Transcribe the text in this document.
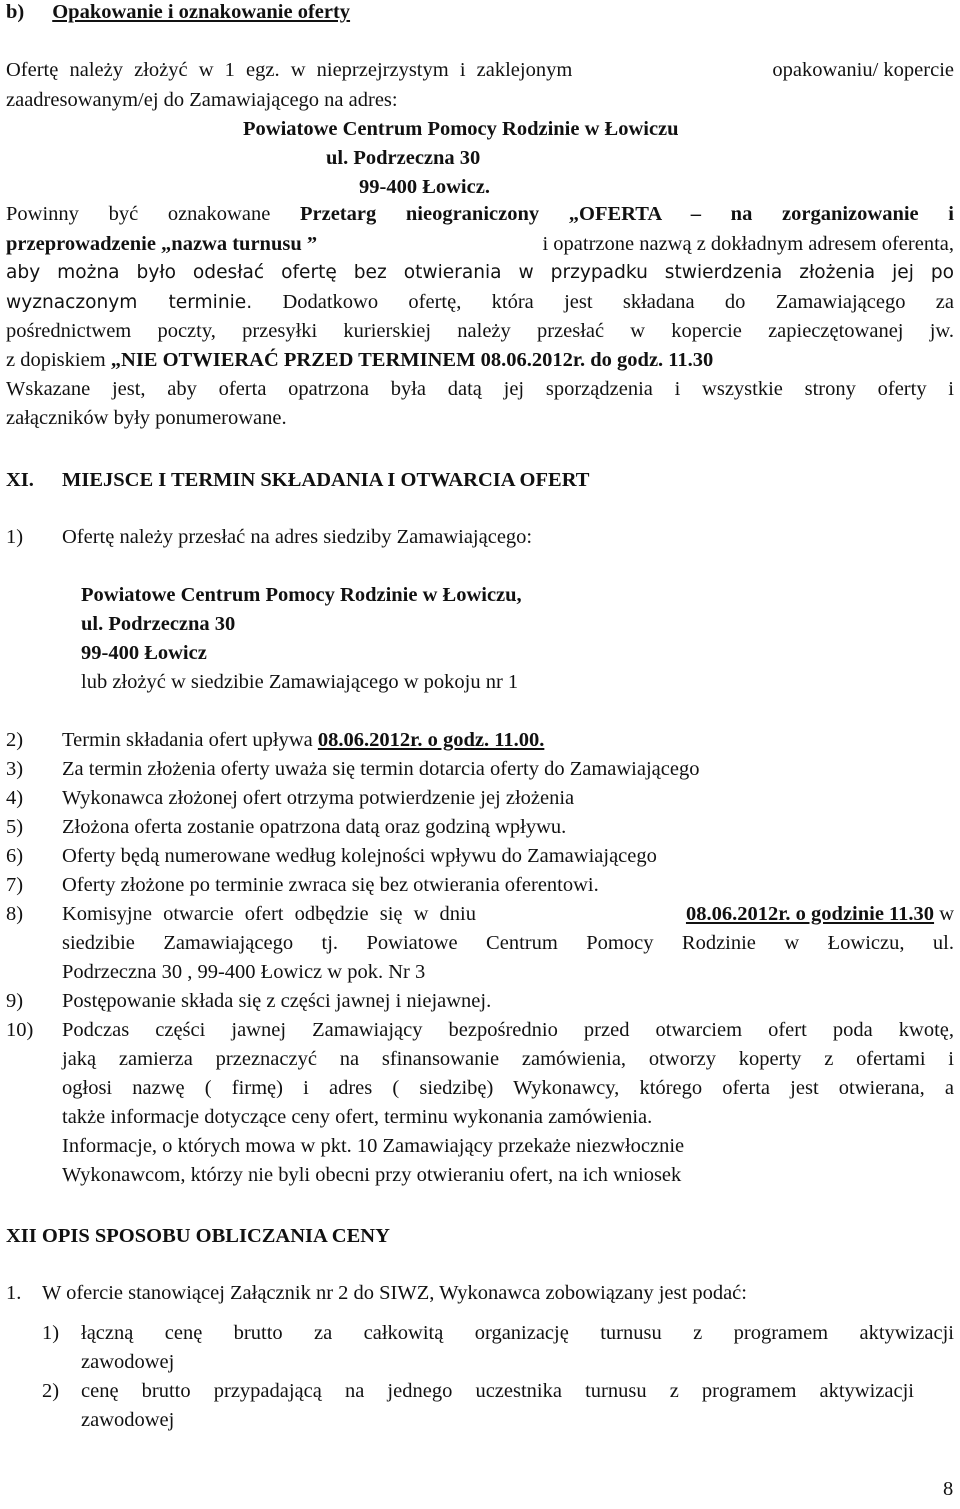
b) Opakowanie i oznakowanie oferty
Ofertę należy złożyć w 1 egz. w nieprzejrzystym i zaklejonym	opakowaniu/ kopercie
zaadresowanym/ej do Zamawiającego na adres:
Powiatowe Centrum Pomocy Rodzinie w Łowiczu
ul. Podrzeczna 30
99-400 Łowicz.
Powinny być oznakowane Przetarg nieograniczony „OFERTA – na zorganizowanie i
przeprowadzenie „nazwa turnusu ”	i opatrzone nazwą z dokładnym adresem oferenta,
aby można było odesłać ofertę bez otwierania w przypadku stwierdzenia złożenia jej po
wyznaczonym terminie. Dodatkowo ofertę, która jest składana do Zamawiającego za
pośrednictwem poczty, przesyłki kurierskiej należy przesłać w kopercie zapieczętowanej jw.
z dopiskiem „NIE OTWIERAĆ PRZED TERMINEM 08.06.2012r. do godz. 11.30
Wskazane jest, aby oferta opatrzona była datą jej sporządzenia i wszystkie strony oferty i
załączników były ponumerowane.
XI. MIEJSCE I TERMIN SKŁADANIA I OTWARCIA OFERT
1) Ofertę należy przesłać na adres siedziby Zamawiającego:
Powiatowe Centrum Pomocy Rodzinie w Łowiczu,
ul. Podrzeczna 30
99-400 Łowicz
lub złożyć w siedzibie Zamawiającego w pokoju nr 1
2) Termin składania ofert upływa 08.06.2012r. o godz. 11.00.
3) Za termin złożenia oferty uważa się termin dotarcia oferty do Zamawiającego
4) Wykonawca złożonej ofert otrzyma potwierdzenie jej złożenia
5) Złożona oferta zostanie opatrzona datą oraz godziną wpływu.
6) Oferty będą numerowane według kolejności wpływu do Zamawiającego
7) Oferty złożone po terminie zwraca się bez otwierania oferentowi.
8) Komisyjne otwarcie ofert odbędzie się w dniu	08.06.2012r. o godzinie 11.30 w
siedzibie Zamawiającego tj. Powiatowe Centrum Pomocy Rodzinie w Łowiczu, ul.
Podrzeczna 30 , 99-400 Łowicz w pok. Nr 3
9) Postępowanie składa się z części jawnej i niejawnej.
10) Podczas części jawnej Zamawiający bezpośrednio przed otwarciem ofert poda kwotę,
jaką zamierza przeznaczyć na sfinansowanie zamówienia, otworzy koperty z ofertami i
ogłosi nazwę ( firmę) i adres ( siedzibę) Wykonawcy, którego oferta jest otwierana, a
także informacje dotyczące ceny ofert, terminu wykonania zamówienia.
Informacje, o których mowa w pkt. 10 Zamawiający przekaże niezwłocznie
Wykonawcom, którzy nie byli obecni przy otwieraniu ofert, na ich wniosek
XII OPIS SPOSOBU OBLICZANIA CENY
1. W ofercie stanowiącej Załącznik nr 2 do SIWZ, Wykonawca zobowiązany jest podać:
1) łączną cenę brutto za całkowitą organizację turnusu z programem aktywizacji
zawodowej
2) cenę brutto przypadającą na jednego uczestnika turnusu z programem aktywizacji
zawodowej
8
